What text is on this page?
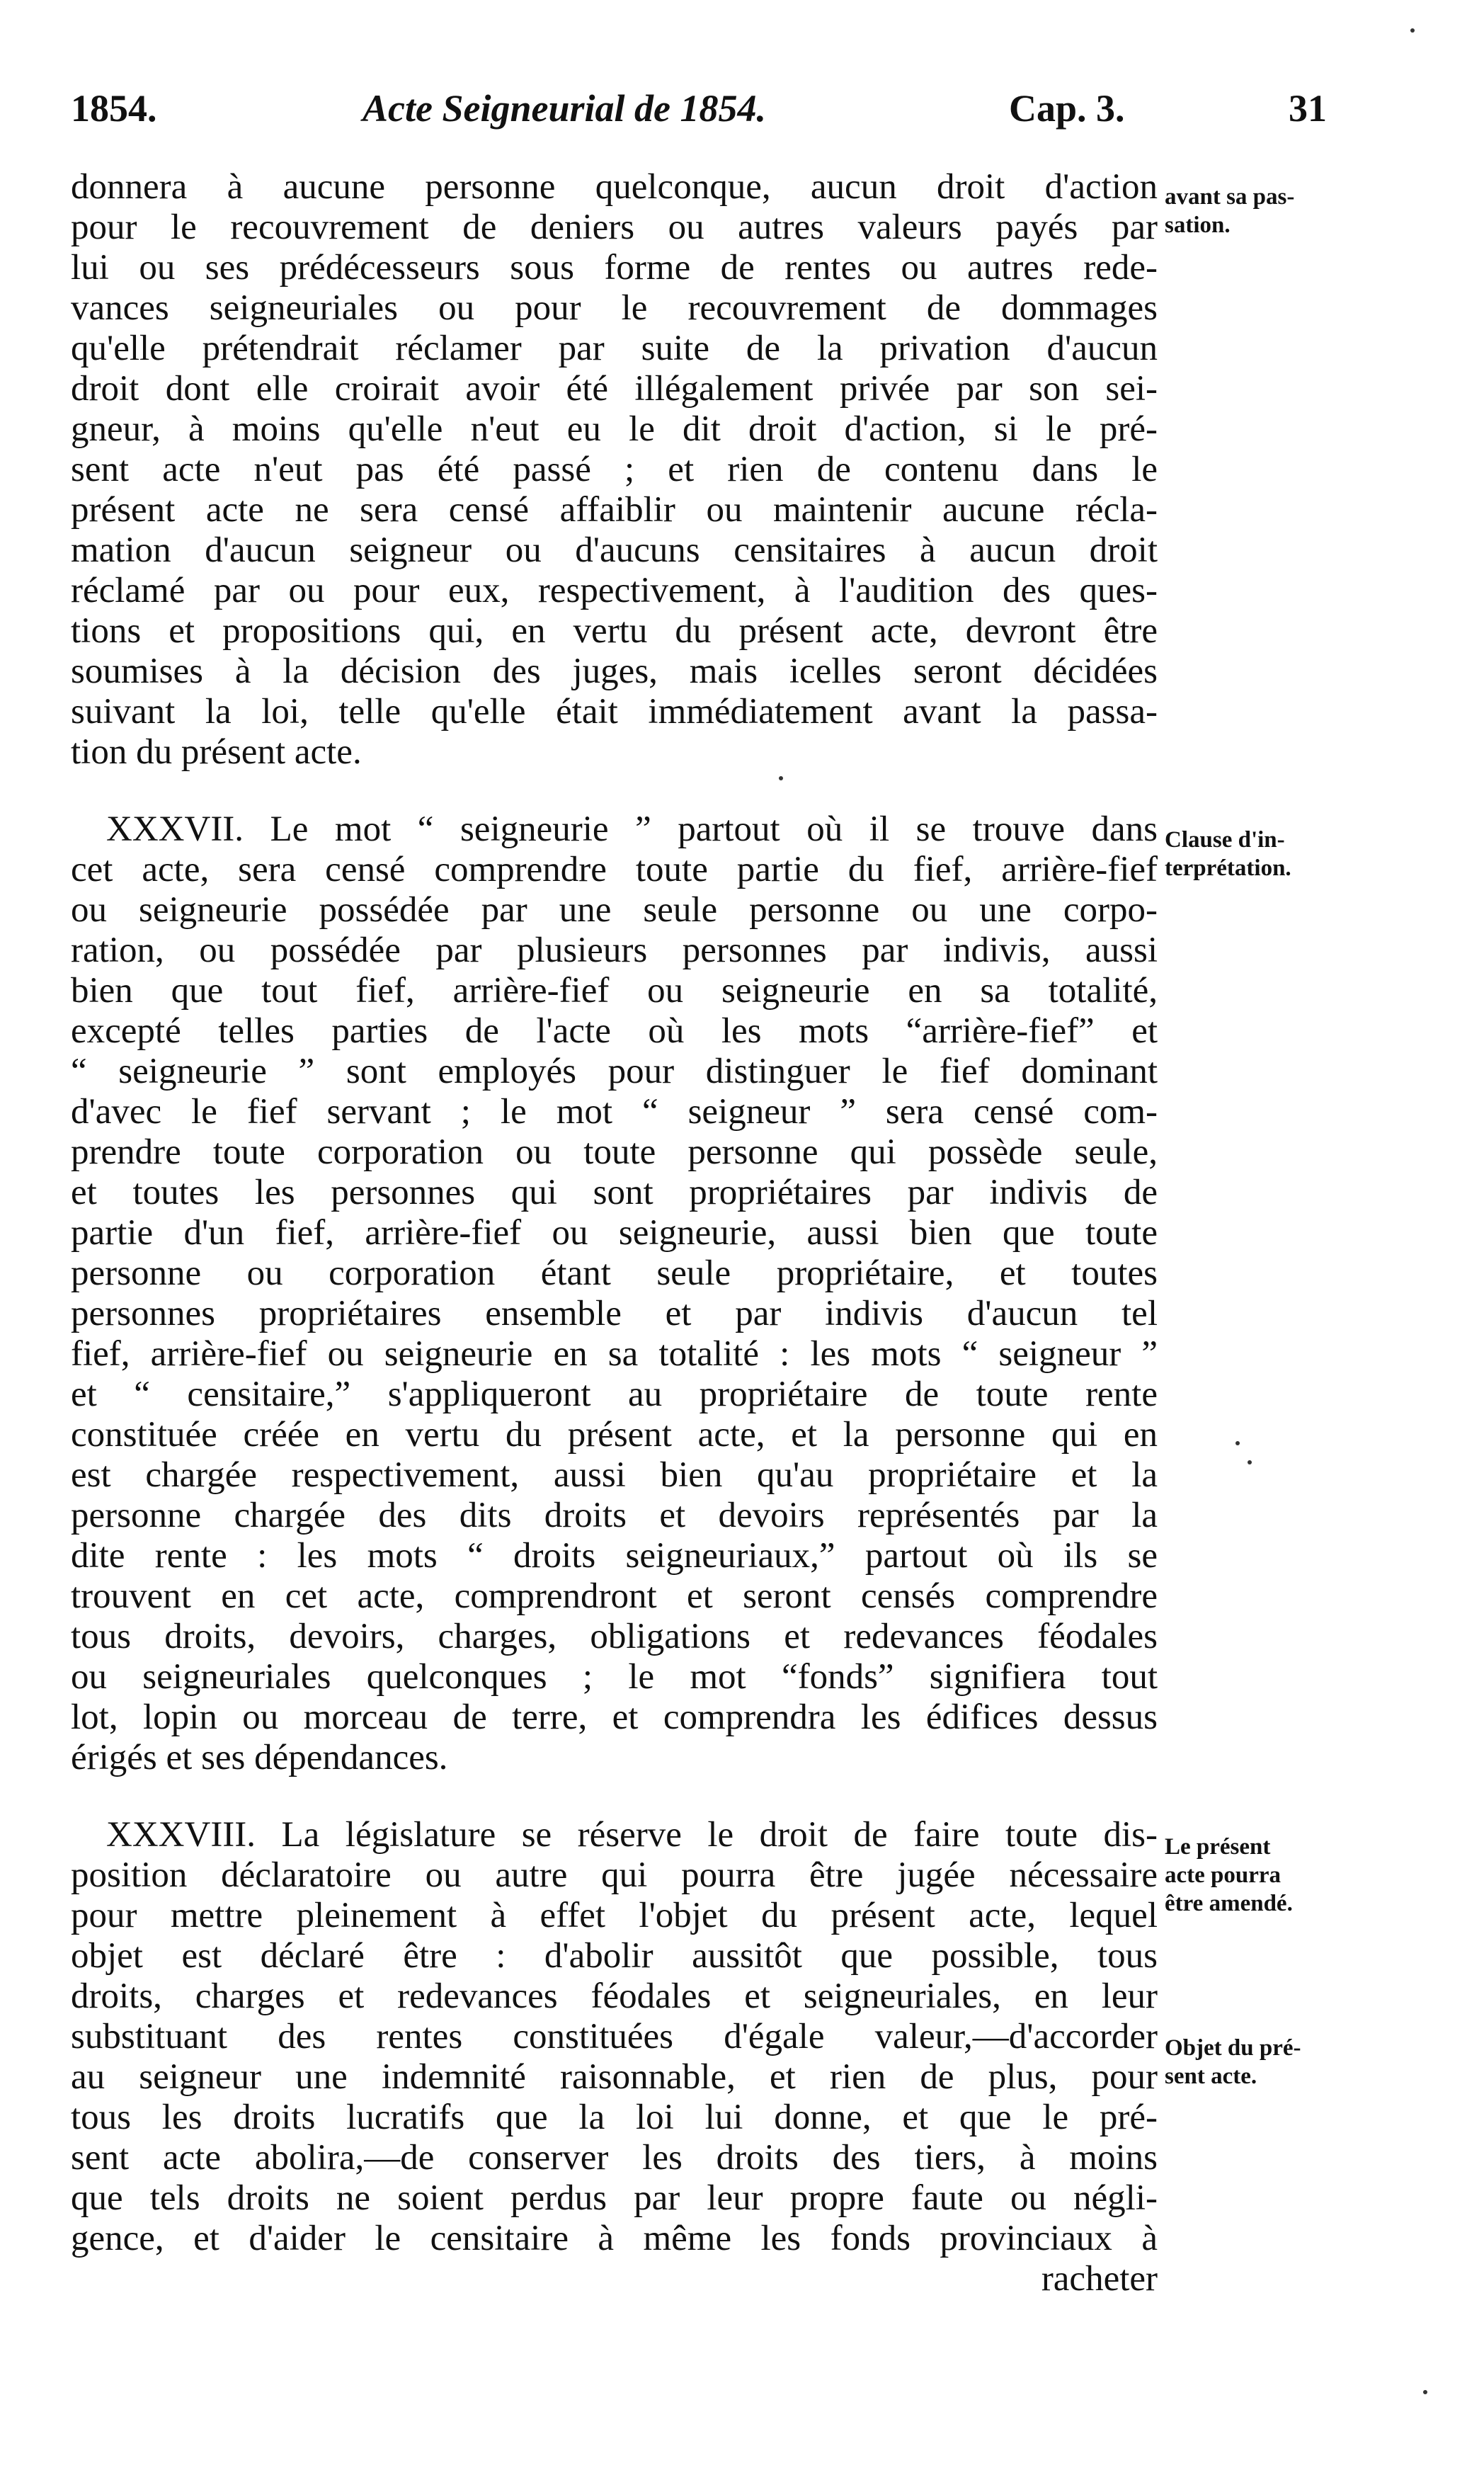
1854.	Acte Seigneurial de 1854.	Cap. 3.	31
donnera à aucune personne quelconque, aucun droit d'action
pour le recouvrement de deniers ou autres valeurs payés par
lui ou ses prédécesseurs sous forme de rentes ou autres rede-
vances seigneuriales ou pour le recouvrement de dommages
qu'elle prétendrait réclamer par suite de la privation d'aucun
droit dont elle croirait avoir été illégalement privée par son sei-
gneur, à moins qu'elle n'eut eu le dit droit d'action, si le pré-
sent acte n'eut pas été passé ; et rien de contenu dans le
présent acte ne sera censé affaiblir ou maintenir aucune récla-
mation d'aucun seigneur ou d'aucuns censitaires à aucun droit
réclamé par ou pour eux, respectivement, à l'audition des ques-
tions et propositions qui, en vertu du présent acte, devront être
soumises à la décision des juges, mais icelles seront décidées
suivant la loi, telle qu'elle était immédiatement avant la passa-
tion du présent acte.
XXXVII. Le mot “ seigneurie ” partout où il se trouve dans
cet acte, sera censé comprendre toute partie du fief, arrière-fief
ou seigneurie possédée par une seule personne ou une corpo-
ration, ou possédée par plusieurs personnes par indivis, aussi
bien que tout fief, arrière-fief ou seigneurie en sa totalité,
excepté telles parties de l'acte où les mots “arrière-fief” et
“ seigneurie ” sont employés pour distinguer le fief dominant
d'avec le fief servant ; le mot “ seigneur ” sera censé com-
prendre toute corporation ou toute personne qui possède seule,
et toutes les personnes qui sont propriétaires par indivis de
partie d'un fief, arrière-fief ou seigneurie, aussi bien que toute
personne ou corporation étant seule propriétaire, et toutes
personnes propriétaires ensemble et par indivis d'aucun tel
fief, arrière-fief ou seigneurie en sa totalité : les mots “ seigneur ”
et “ censitaire,” s'appliqueront au propriétaire de toute rente
constituée créée en vertu du présent acte, et la personne qui en
est chargée respectivement, aussi bien qu'au propriétaire et la
personne chargée des dits droits et devoirs représentés par la
dite rente : les mots “ droits seigneuriaux,” partout où ils se
trouvent en cet acte, comprendront et seront censés comprendre
tous droits, devoirs, charges, obligations et redevances féodales
ou seigneuriales quelconques ; le mot “fonds” signifiera tout
lot, lopin ou morceau de terre, et comprendra les édifices dessus
érigés et ses dépendances.
XXXVIII. La législature se réserve le droit de faire toute dis-
position déclaratoire ou autre qui pourra être jugée nécessaire
pour mettre pleinement à effet l'objet du présent acte, lequel
objet est déclaré être : d'abolir aussitôt que possible, tous
droits, charges et redevances féodales et seigneuriales, en leur
substituant des rentes constituées d'égale valeur,—d'accorder
au seigneur une indemnité raisonnable, et rien de plus, pour
tous les droits lucratifs que la loi lui donne, et que le pré-
sent acte abolira,—de conserver les droits des tiers, à moins
que tels droits ne soient perdus par leur propre faute ou négli-
gence, et d'aider le censitaire à même les fonds provinciaux à
racheter
avant sa pas-
sation.
Clause d'in-
terprétation.
Le présent
acte pourra
être amendé.
Objet du pré-
sent acte.
